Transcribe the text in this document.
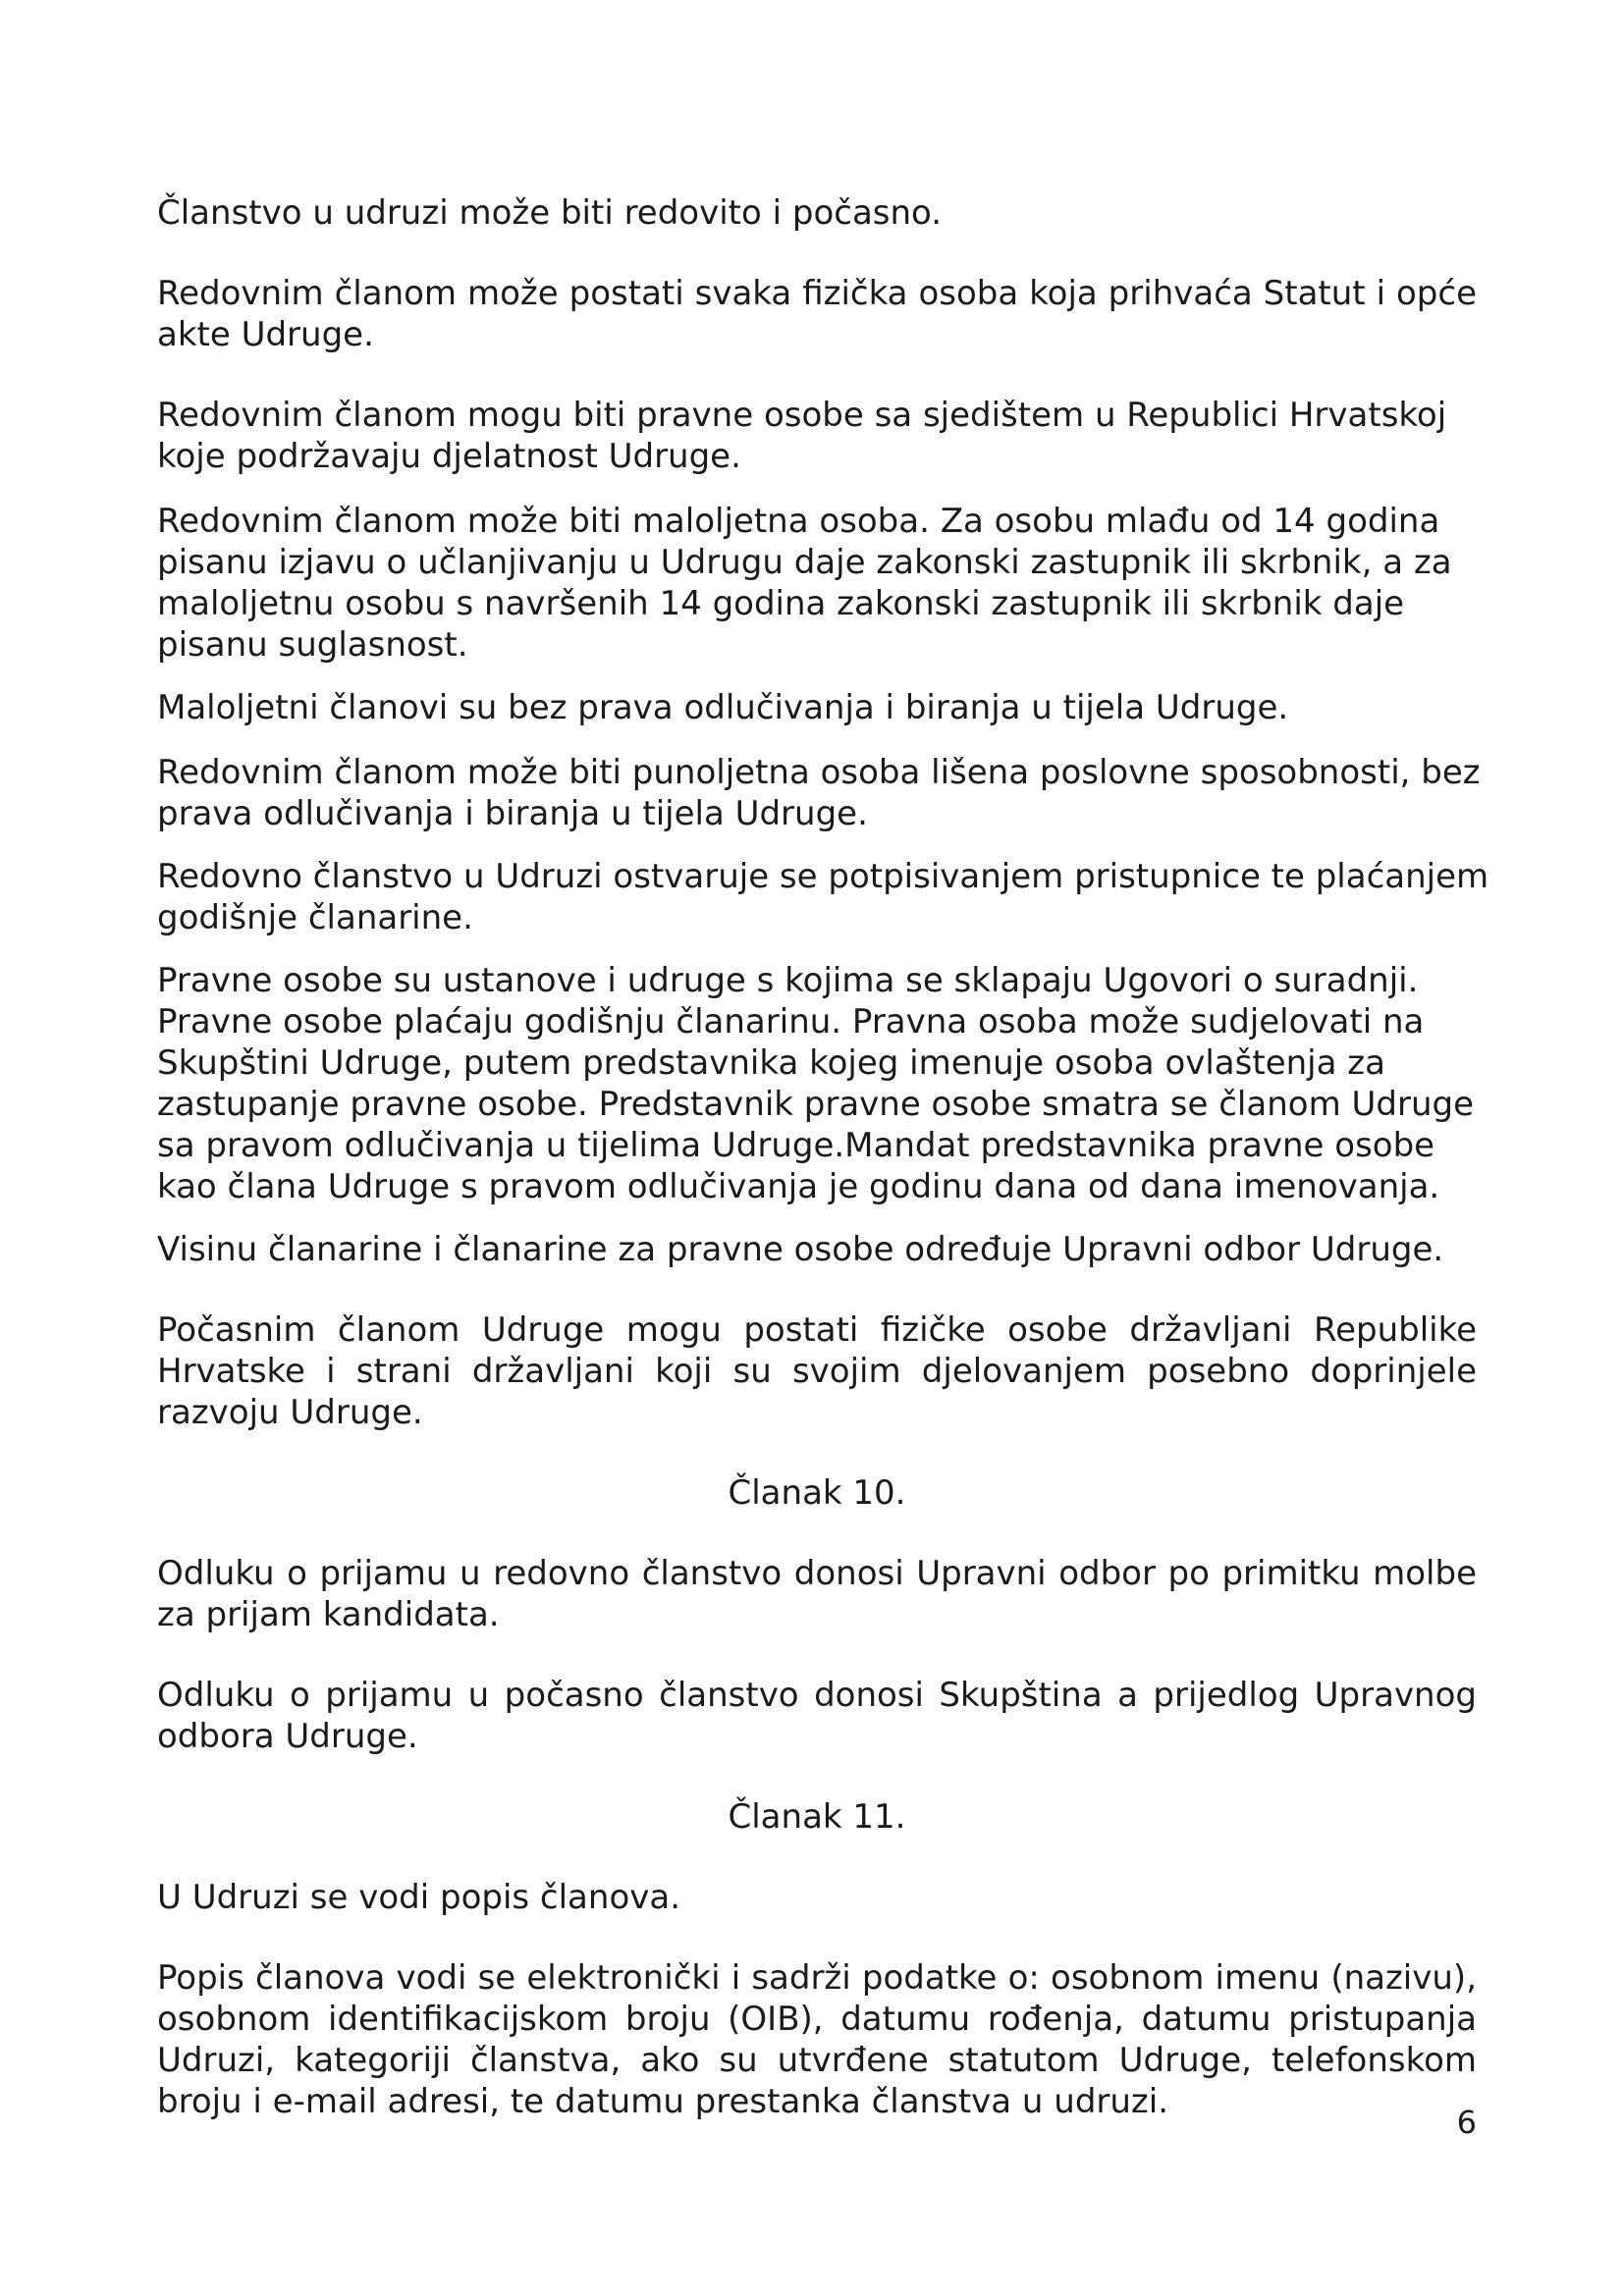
Članstvo u udruzi može biti redovito i počasno.

Redovnim članom može postati svaka fizička osoba koja prihvaća Statut i opće
akte Udruge.

Redovnim članom mogu biti pravne osobe sa sjedištem u Republici Hrvatskoj
koje podržavaju djelatnost Udruge.

Redovnim članom može biti maloljetna osoba. Za osobu mlađu od 14 godina
pisanu izjavu o učlanjivanju u Udrugu daje zakonski zastupnik ili skrbnik, a za
maloljetnu osobu s navršenih 14 godina zakonski zastupnik ili skrbnik daje
pisanu suglasnost.

Maloljetni članovi su bez prava odlučivanja i biranja u tijela Udruge.

Redovnim članom može biti punoljetna osoba lišena poslovne sposobnosti, bez
prava odlučivanja i biranja u tijela Udruge.

Redovno članstvo u Udruzi ostvaruje se potpisivanjem pristupnice te plaćanjem
godišnje članarine.

Pravne osobe su ustanove i udruge s kojima se sklapaju Ugovori o suradnji.
Pravne osobe plaćaju godišnju članarinu. Pravna osoba može sudjelovati na
Skupštini Udruge, putem predstavnika kojeg imenuje osoba ovlaštenja za
zastupanje pravne osobe. Predstavnik pravne osobe smatra se članom Udruge
sa pravom odlučivanja u tijelima Udruge.Mandat predstavnika pravne osobe
kao člana Udruge s pravom odlučivanja je godinu dana od dana imenovanja.

Visinu članarine i članarine za pravne osobe određuje Upravni odbor Udruge.

Počasnim članom Udruge mogu postati fizičke osobe državljani Republike
Hrvatske i strani državljani koji su svojim djelovanjem posebno doprinjele
razvoju Udruge.

Članak 10.

Odluku o prijamu u redovno članstvo donosi Upravni odbor po primitku molbe
za prijam kandidata.

Odluku o prijamu u počasno članstvo donosi Skupština a prijedlog Upravnog
odbora Udruge.

Članak 11.

U Udruzi se vodi popis članova.

Popis članova vodi se elektronički i sadrži podatke o: osobnom imenu (nazivu),
osobnom identifikacijskom broju (OIB), datumu rođenja, datumu pristupanja
Udruzi, kategoriji članstva, ako su utvrđene statutom Udruge, telefonskom
broju i e-mail adresi, te datumu prestanka članstva u udruzi.

6
